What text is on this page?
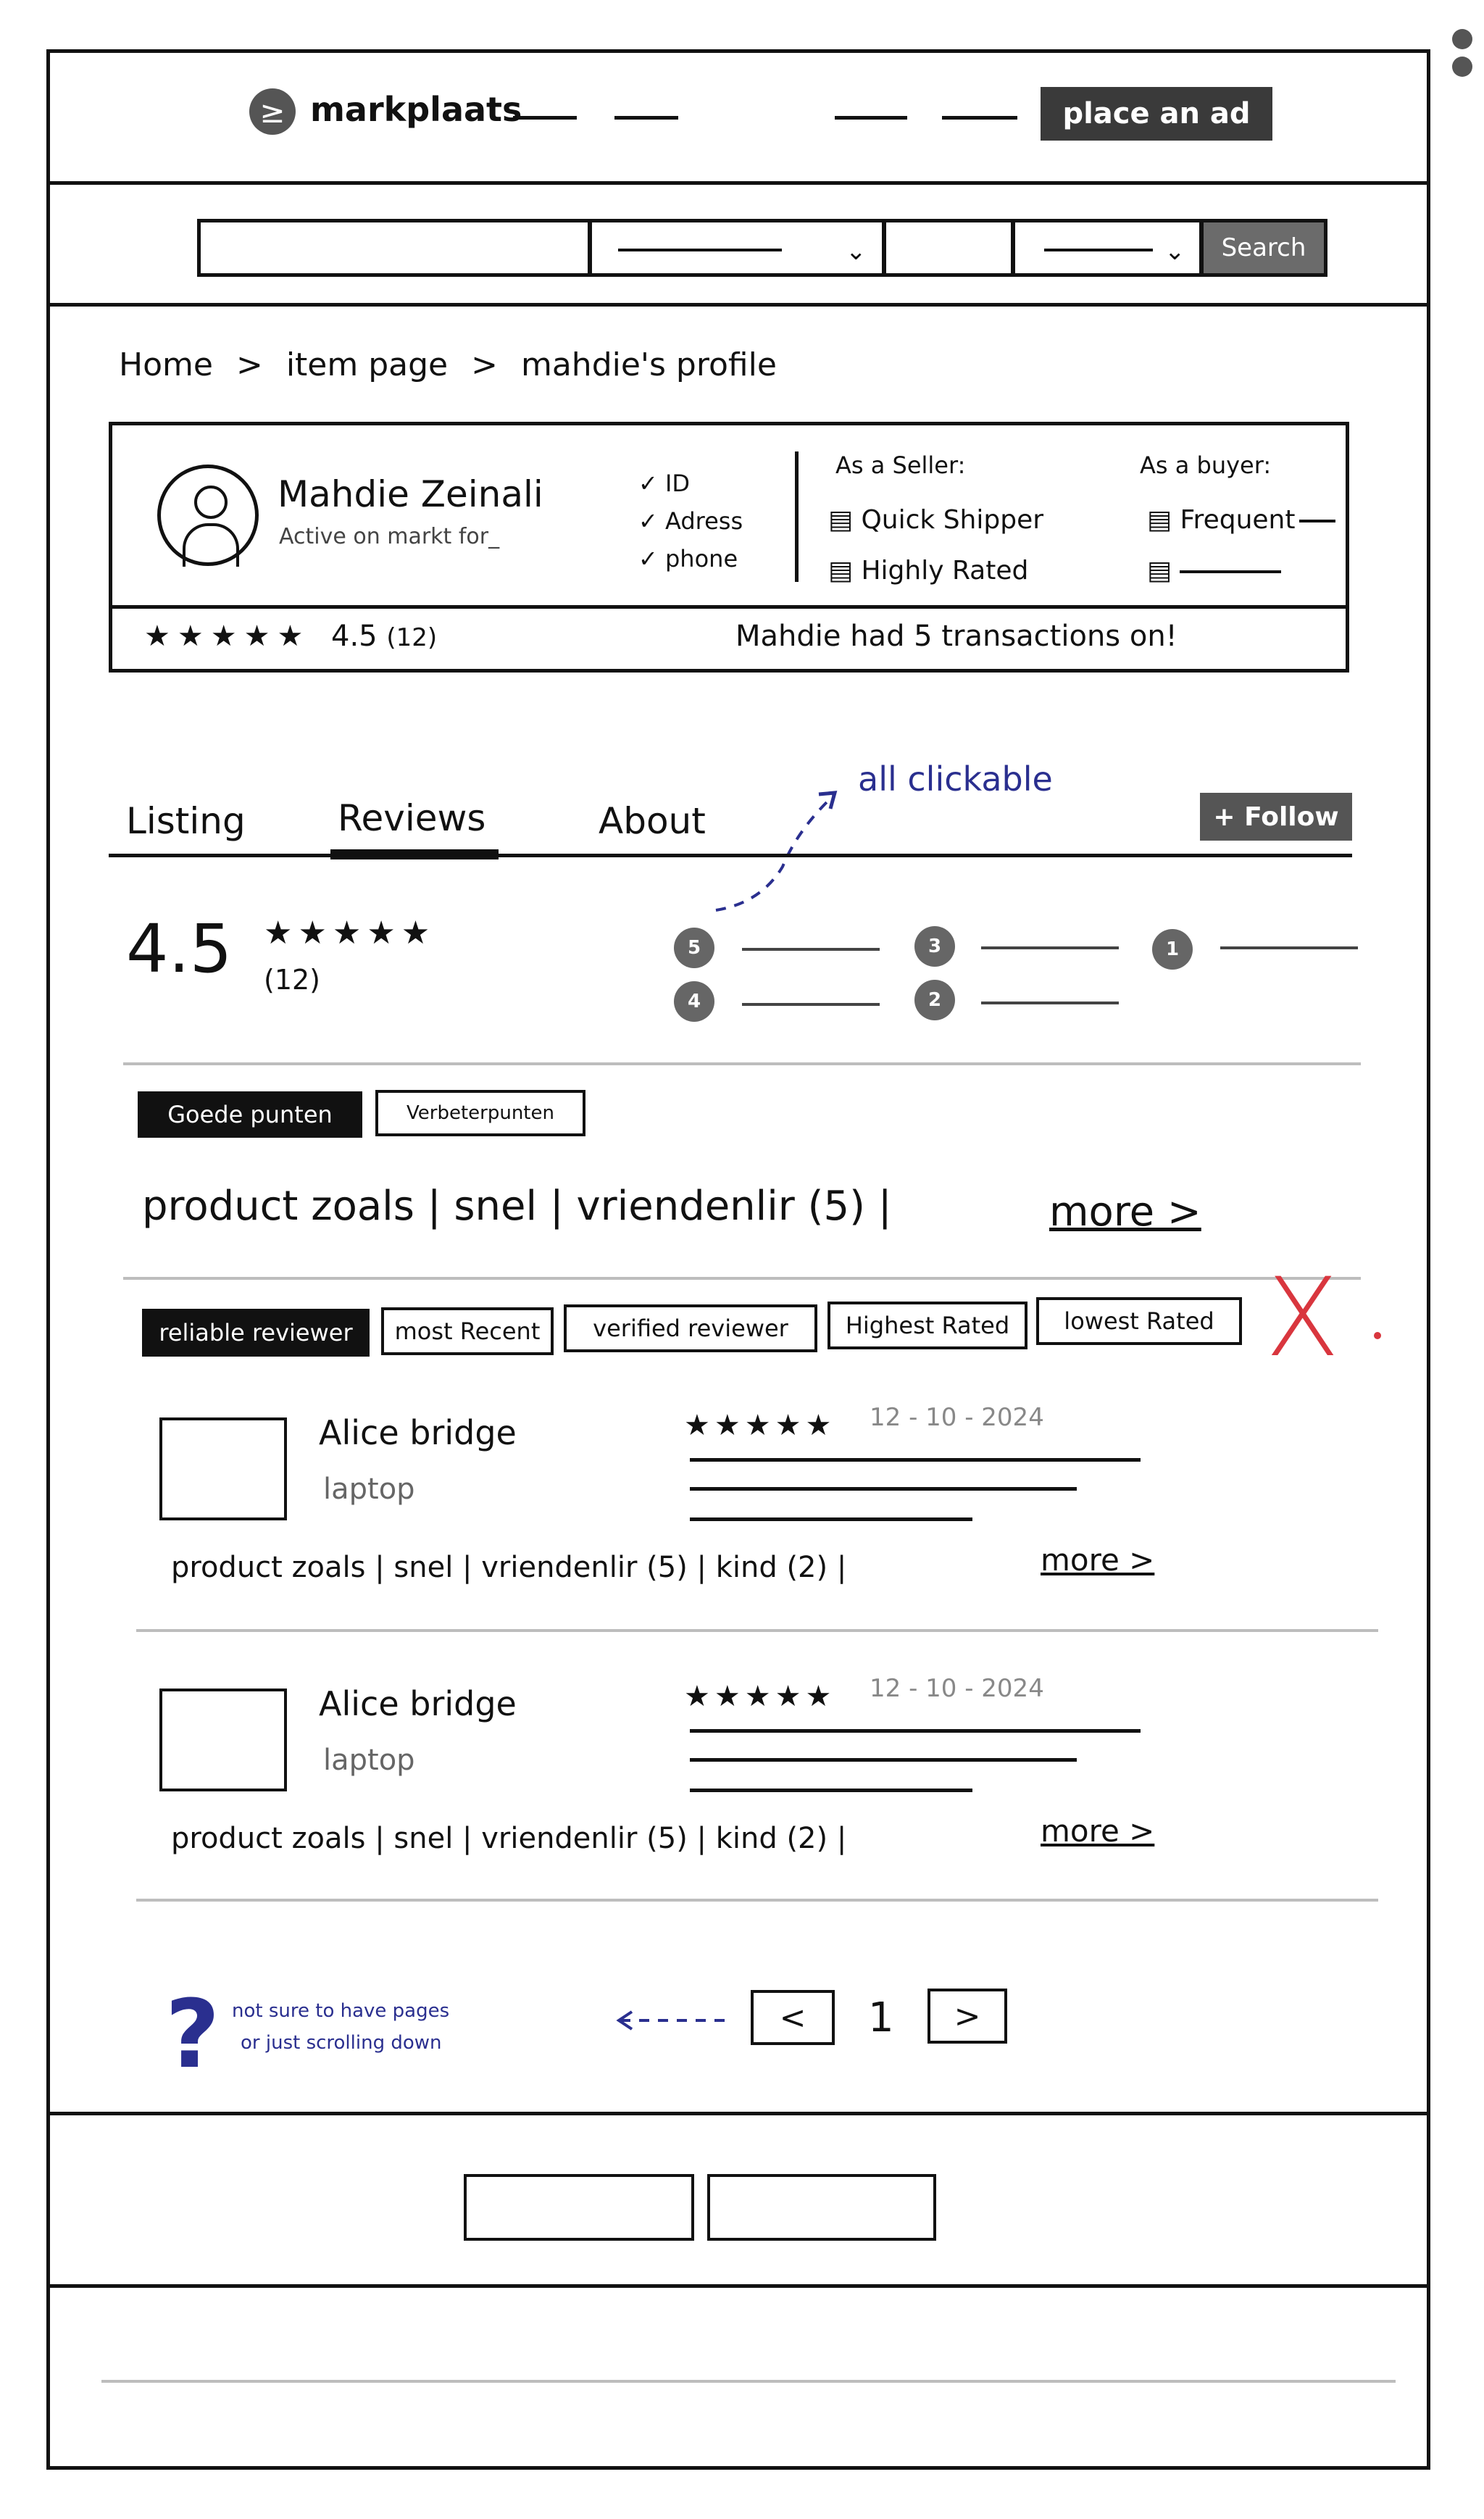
≥ markplaats	place an ad
⌄	⌄	Search
Home > item page > mahdie's profile
Mahdie Zeinali
Active on markt for_
✓ ID
✓ Adress
✓ phone
As a Seller:
▤ Quick Shipper
▤ Highly Rated
As a buyer:
▤ Frequent
▤
★★★★★ 4.5 (12)	Mahdie had 5 transactions on!
Listing	Reviews	About	+ Follow
all clickable
4.5 ★★★★★
(12)
5	3	1
4	2
Goede punten	Verbeterpunten
product zoals | snel | vriendenlir (5) |	more >
reliable reviewer	most Recent	verified reviewer	Highest Rated	lowest Rated X
Alice bridge
laptop
★★★★★ 12 - 10 - 2024
product zoals | snel | vriendenlir (5) | kind (2) |	more >
Alice bridge
laptop
★★★★★ 12 - 10 - 2024
product zoals | snel | vriendenlir (5) | kind (2) |	more >
? not sure to have pages
or just scrolling down
< 1 >
